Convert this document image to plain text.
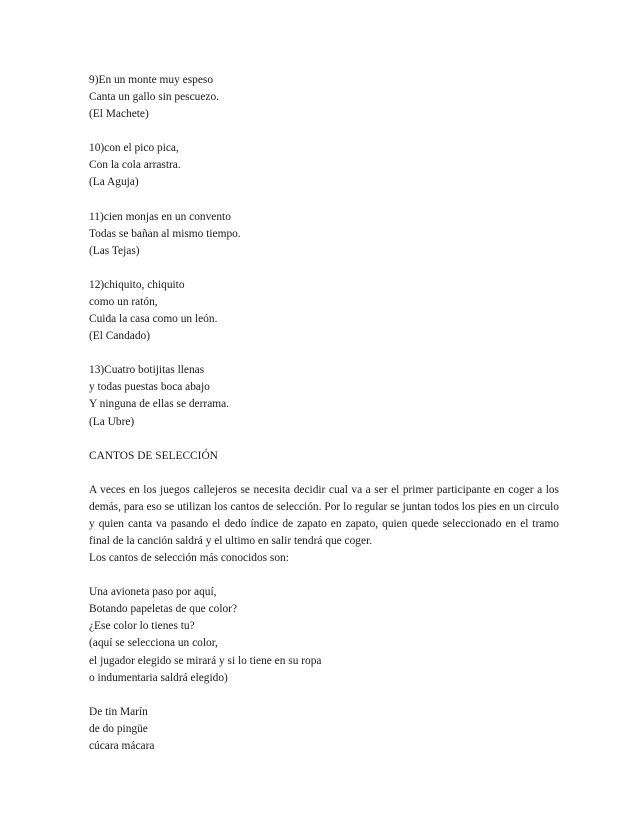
9)En un monte muy espeso
Canta un gallo sin pescuezo.
(El Machete)
10)con el pico pica,
Con la cola arrastra.
(La Aguja)
11)cien monjas en un convento
Todas se bañan al mismo tiempo.
(Las Tejas)
12)chiquito, chiquito
como un ratón,
Cuida la casa como un león.
(El Candado)
13)Cuatro botijitas llenas
y todas puestas boca abajo
Y ninguna de ellas se derrama.
(La Ubre)
CANTOS DE SELECCIÓN
A veces en los juegos callejeros se necesita decidir cual va a ser el primer participante en coger a los demás, para eso se utilizan los cantos de selección. Por lo regular se juntan todos los pies en un circulo y quien canta va pasando el dedo índice de zapato en zapato, quien quede seleccionado en el tramo final de la canción saldrá y el ultimo en salir tendrá que coger.
Los cantos de selección más conocidos son:
Una avioneta paso por aquí,
Botando papeletas de que color?
¿Ese color lo tienes tu?
(aquí se selecciona un color,
el jugador elegido se mirará y si lo tiene en su ropa
o indumentaria saldrá elegido)
De tin Marín
de do pingüe
cúcara mácara
